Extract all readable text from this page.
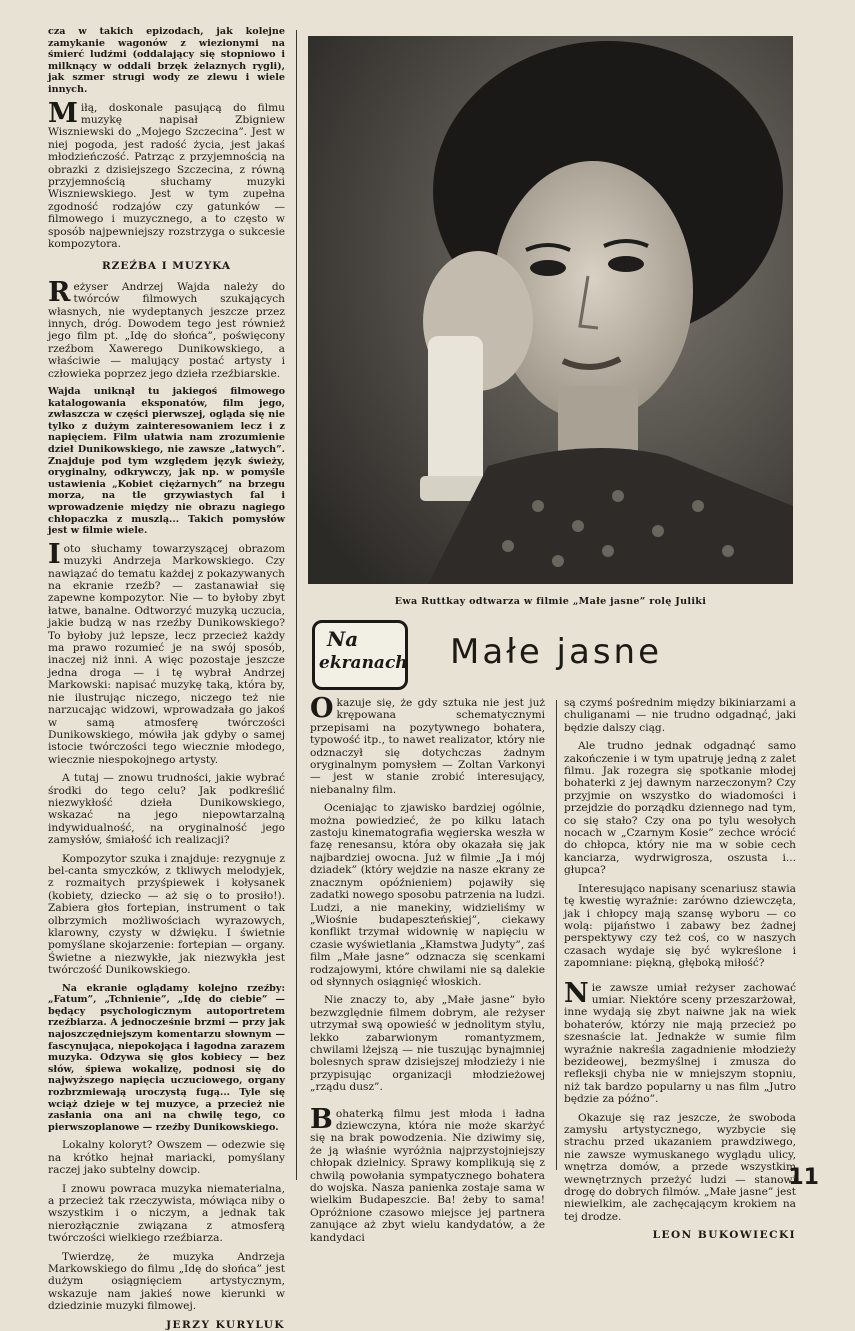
cza w takich epizodach, jak kolejne zamykanie wagonów z wiezionymi na śmierć ludźmi (oddalający się stopniowo i milknący w oddali brzęk żelaznych rygli), jak szmer strugi wody ze zlewu i wiele innych.

Miłą, doskonale pasującą do filmu muzykę napisał Zbigniew Wiszniewski do „Mojego Szczecina”. Jest w niej pogoda, jest radość życia, jest jakaś młodzieńczość. Patrząc z przyjemnością na obrazki z dzisiejszego Szczecina, z równą przyjemnością słuchamy muzyki Wiszniewskiego. Jest w tym zupełna zgodność rodzajów czy gatunków — filmowego i muzycznego, a to często w sposób najpewniejszy rozstrzyga o sukcesie kompozytora.

RZEŹBA I MUZYKA

Reżyser Andrzej Wajda należy do twórców filmowych szukających własnych, nie wydeptanych jeszcze przez innych, dróg. Dowodem tego jest również jego film pt. „Idę do słońca”, poświęcony rzeźbom Xawerego Dunikowskiego, a właściwie — malujący postać artysty i człowieka poprzez jego dzieła rzeźbiarskie.

Wajda uniknął tu jakiegoś filmowego katalogowania eksponatów, film jego, zwłaszcza w części pierwszej, ogląda się nie tylko z dużym zainteresowaniem lecz i z napięciem. Film ułatwia nam zrozumienie dzieł Dunikowskiego, nie zawsze „łatwych”. Znajduje pod tym względem język świeży, oryginalny, odkrywczy, jak np. w pomyśle ustawienia „Kobiet ciężarnych” na brzegu morza, na tle grzywiastych fal i wprowadzenie między nie obrazu nagiego chłopaczka z muszlą... Takich pomysłów jest w filmie wiele.

Ioto słuchamy towarzyszącej obrazom muzyki Andrzeja Markowskiego. Czy nawiązać do tematu każdej z pokazywanych na ekranie rzeźb? — zastanawiał się zapewne kompozytor. Nie — to byłoby zbyt łatwe, banalne. Odtworzyć muzyką uczucia, jakie budzą w nas rzeźby Dunikowskiego? To byłoby już lepsze, lecz przecież każdy ma prawo rozumieć je na swój sposób, inaczej niż inni. A więc pozostaje jeszcze jedna droga — i tę wybrał Andrzej Markowski: napisać muzykę taką, która by, nie ilustrując niczego, niczego też nie narzucając widzowi, wprowadzała go jakoś w samą atmosferę twórczości Dunikowskiego, mówiła jak gdyby o samej istocie twórczości tego wiecznie młodego, wiecznie niespokojnego artysty.

A tutaj — znowu trudności, jakie wybrać środki do tego celu? Jak podkreślić niezwykłość dzieła Dunikowskiego, wskazać na jego niepowtarzalną indywidualność, na oryginalność jego zamysłów, śmiałość ich realizacji?

Kompozytor szuka i znajduje: rezygnuje z bel-canta smyczków, z tkliwych melodyjek, z rozmaitych przyśpiewek i kołysanek (kobiety, dziecko — aż się o to prosiło!). Zabiera głos fortepian, instrument o tak olbrzymich możliwościach wyrazowych, klarowny, czysty w dźwięku. I świetnie pomyślane skojarzenie: fortepian — organy. Świetne a niezwykłe, jak niezwykła jest twórczość Dunikowskiego.

Na ekranie oglądamy kolejno rzeźby: „Fatum”, „Tchnienie”, „Idę do ciebie” — będący psychologicznym autoportretem rzeźbiarza. A jednocześnie brzmi — przy jak najoszczędniejszym komentarzu słownym — fascynująca, niepokojąca i łagodna zarazem muzyka. Odzywa się głos kobiecy — bez słów, śpiewa wokalizę, podnosi się do najwyższego napięcia uczuciowego, organy rozbrzmiewają uroczystą fugą... Tyle się wciąż dzieje w tej muzyce, a przecież nie zasłania ona ani na chwilę tego, co pierwszoplanowe — rzeźby Dunikowskiego.

Lokalny koloryt? Owszem — odezwie się na krótko hejnał mariacki, pomyślany raczej jako subtelny dowcip.

I znowu powraca muzyka niematerialna, a przecież tak rzeczywista, mówiąca niby o wszystkim i o niczym, a jednak tak nierozłącznie związana z atmosferą twórczości wielkiego rzeźbiarza.

Twierdzę, że muzyka Andrzeja Markowskiego do filmu „Idę do słońca” jest dużym osiągnięciem artystycznym, wskazuje nam jakieś nowe kierunki w dziedzinie muzyki filmowej.

JERZY KURYLUK
Ewa Ruttkay odtwarza w filmie „Małe jasne” rolę Juliki
Na
ekranach Małe jasne

Okazuje się, że gdy sztuka nie jest już krępowana schematycznymi przepisami na pozytywnego bohatera, typowość itp., to nawet realizator, który nie odznaczył się dotychczas żadnym oryginalnym pomysłem — Zoltan Varkonyi — jest w stanie zrobić interesujący, niebanalny film.

Oceniając to zjawisko bardziej ogólnie, można powiedzieć, że po kilku latach zastoju kinematografia węgierska weszła w fazę renesansu, która oby okazała się jak najbardziej owocna. Już w filmie „Ja i mój dziadek” (który wejdzie na nasze ekrany ze znacznym opóźnieniem) pojawiły się zadatki nowego sposobu patrzenia na ludzi. Ludzi, a nie manekiny, widzieliśmy w „Wiośnie budapeszteńskiej”, ciekawy konflikt trzymał widownię w napięciu w czasie wyświetlania „Kłamstwa Judyty”, zaś film „Małe jasne” odznacza się scenkami rodzajowymi, które chwilami nie są dalekie od słynnych osiągnięć włoskich.

Nie znaczy to, aby „Małe jasne” było bezwzględnie filmem dobrym, ale reżyser utrzymał swą opowieść w jednolitym stylu, lekko zabarwionym romantyzmem, chwilami lżejszą — nie tuszując bynajmniej bolesnych spraw dzisiejszej młodzieży i nie przypisując organizacji młodzieżowej „rządu dusz”.

Bohaterką filmu jest młoda i ładna dziewczyna, która nie może skarżyć się na brak powodzenia. Nie dziwimy się, że ją właśnie wyróżnia najprzystojniejszy chłopak dzielnicy. Sprawy komplikują się z chwilą powołania sympatycznego bohatera do wojska. Nasza panienka zostaje sama w wielkim Budapeszcie. Ba! żeby to sama! Opróżnione czasowo miejsce jej partnera zanujące aż zbyt wielu kandydatów, a że kandydaci

są czymś pośrednim między bikiniarzami a chuliganami — nie trudno odgadnąć, jaki będzie dalszy ciąg.

Ale trudno jednak odgadnąć samo zakończenie i w tym upatruję jedną z zalet filmu. Jak rozegra się spotkanie młodej bohaterki z jej dawnym narzeczonym? Czy przyjmie on wszystko do wiadomości i przejdzie do porządku dziennego nad tym, co się stało? Czy ona po tylu wesołych nocach w „Czarnym Kosie” zechce wrócić do chłopca, który nie ma w sobie cech kanciarza, wydrwigrosza, oszusta i... głupca?

Interesująco napisany scenariusz stawia tę kwestię wyraźnie: zarówno dziewczęta, jak i chłopcy mają szansę wyboru — co wolą: pijaństwo i zabawy bez żadnej perspektywy czy też coś, co w naszych czasach wydaje się być wykreślone i zapomniane: piękną, głęboką miłość?

Nie zawsze umiał reżyser zachować umiar. Niektóre sceny przeszarżował, inne wydają się zbyt naiwne jak na wiek bohaterów, którzy nie mają przecież po szesnaście lat. Jednakże w sumie film wyraźnie nakreśla zagadnienie młodzieży bezideowej, bezmyślnej i zmusza do refleksji chyba nie w mniejszym stopniu, niż tak bardzo popularny u nas film „Jutro będzie za późno”.

Okazuje się raz jeszcze, że swoboda zamysłu artystycznego, wyzbycie się strachu przed ukazaniem prawdziwego, nie zawsze wymuskanego wyglądu ulicy, wnętrza domów, a przede wszystkim wewnętrznych przeżyć ludzi — stanowi drogę do dobrych filmów. „Małe jasne” jest niewielkim, ale zachęcającym krokiem na tej drodze.

LEON BUKOWIECKI
11
